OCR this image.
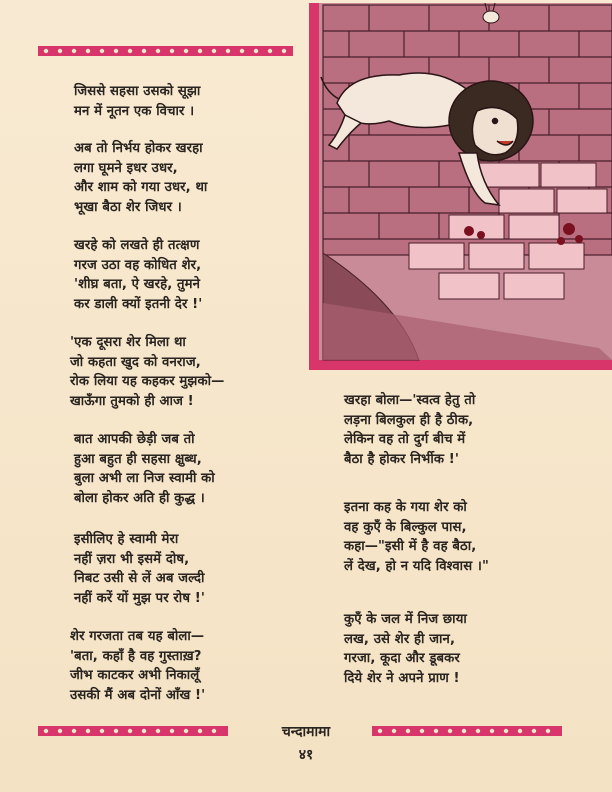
जिससे सहसा उसको सूझा
मन में नूतन एक विचार ।
अब तो निर्भय होकर खरहा
लगा घूमने इधर उधर,
और शाम को गया उधर, था
भूखा बैठा शेर जिधर ।
खरहे को लखते ही तत्क्षण
गरज उठा वह कोधित शेर,
'शीघ्र बता, ऐ खरहे, तुमने
कर डाली क्यों इतनी देर !'
'एक दूसरा शेर मिला था
जो कहता खुद को वनराज,
रोक लिया यह कहकर मुझको—
खाऊँगा तुमको ही आज !
बात आपकी छेड़ी जब तो
हुआ बहुत ही सहसा क्षुब्ध,
बुला अभी ला निज स्वामी को
बोला होकर अति ही कुद्ध ।
इसीलिए हे स्वामी मेरा
नहीं ज़रा भी इसमें दोष,
निबट उसी से लें अब जल्दी
नहीं करें यों मुझ पर रोष !'
शेर गरजता तब यह बोला—
'बता, कहाँ है वह गुस्ताख़?
जीभ काटकर अभी निकालूँ
उसकी मैं अब दोनों आँख !'
खरहा बोला—'स्वत्व हेतु तो
लड़ना बिलकुल ही है ठीक,
लेकिन वह तो दुर्ग बीच में
बैठा है होकर निर्भीक !'
इतना कह के गया शेर को
वह कुएँ के बिल्कुल पास,
कहा—"इसी में है वह बैठा,
लें देख, हो न यदि विश्वास ।"
कुएँ के जल में निज छाया
लख, उसे शेर ही जान,
गरजा, कूदा और डूबकर
दिये शेर ने अपने प्राण !
चन्दामामा
४१
